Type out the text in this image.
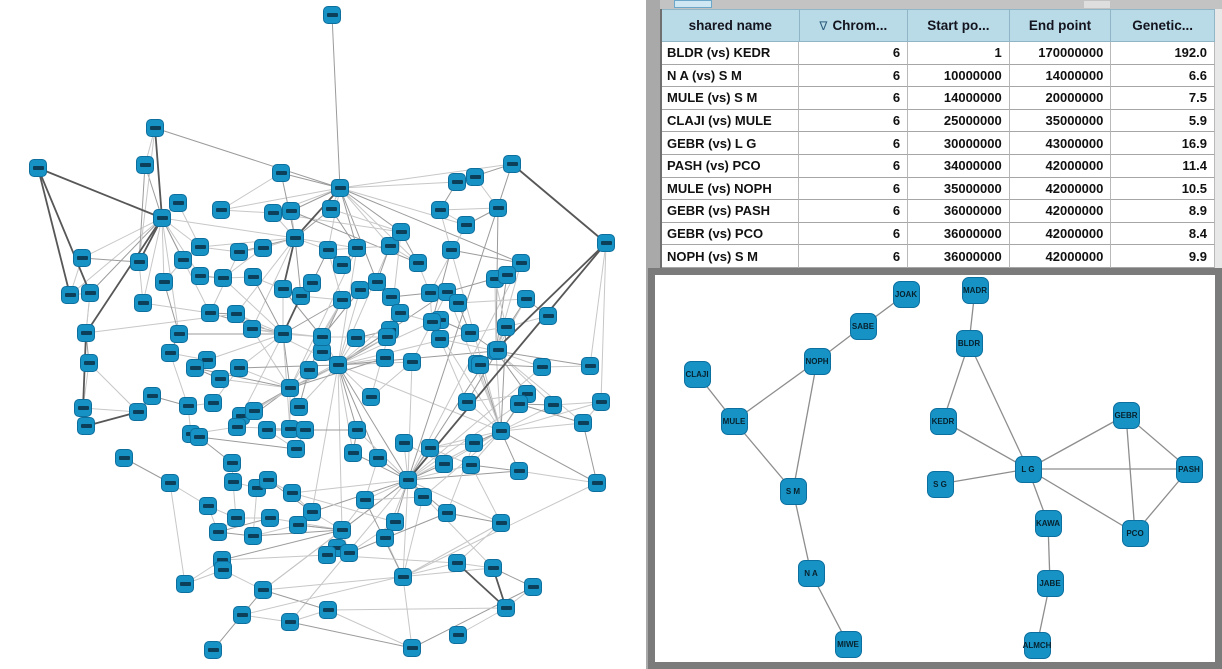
shared name	∇ Chrom...	Start po...	End point	Genetic...
BLDR (vs) KEDR	6	1	170000000	192.0
N A (vs) S M	6	10000000	14000000	6.6
MULE (vs) S M	6	14000000	20000000	7.5
CLAJI (vs) MULE	6	25000000	35000000	5.9
GEBR (vs) L G	6	30000000	43000000	16.9
PASH (vs) PCO	6	34000000	42000000	11.4
MULE (vs) NOPH	6	35000000	42000000	10.5
GEBR (vs) PASH	6	36000000	42000000	8.9
GEBR (vs) PCO	6	36000000	42000000	8.4
NOPH (vs) S M	6	36000000	42000000	9.9
JOAK	MADR
SABE
BLDR
NOPH
CLAJI
MULE	KEDR
GEBR
L G
S G
PASH
S M
KAWA
PCO
N A
JABE
MIWE	ALMCH
